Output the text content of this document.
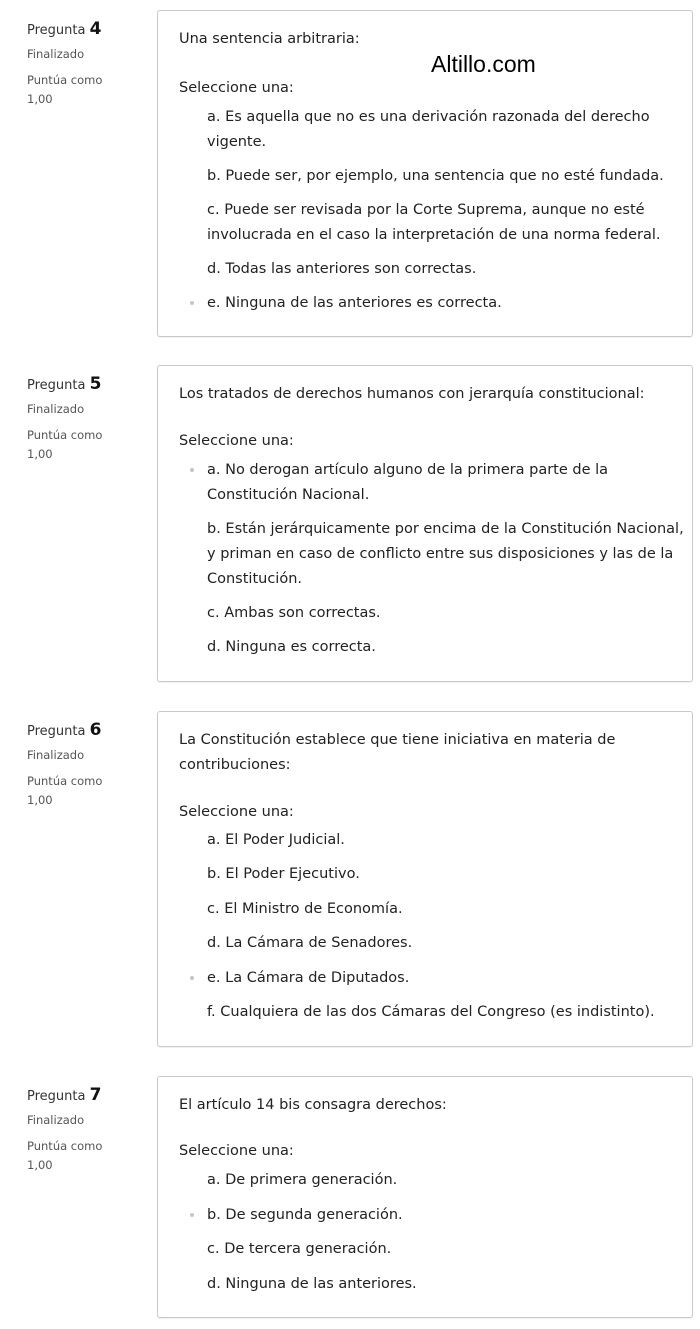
Pregunta 4
Finalizado
Puntúa como
1,00
Una sentencia arbitraria:
Seleccione una:
a. Es aquella que no es una derivación razonada del derecho vigente.
b. Puede ser, por ejemplo, una sentencia que no esté fundada.
c. Puede ser revisada por la Corte Suprema, aunque no esté involucrada en el caso la interpretación de una norma federal.
d. Todas las anteriores son correctas.
e. Ninguna de las anteriores es correcta.
Pregunta 5
Finalizado
Puntúa como
1,00
Los tratados de derechos humanos con jerarquía constitucional:
Seleccione una:
a. No derogan artículo alguno de la primera parte de la Constitución Nacional.
b. Están jerárquicamente por encima de la Constitución Nacional, y priman en caso de conflicto entre sus disposiciones y las de la Constitución.
c. Ambas son correctas.
d. Ninguna es correcta.
Pregunta 6
Finalizado
Puntúa como
1,00
La Constitución establece que tiene iniciativa en materia de contribuciones:
Seleccione una:
a. El Poder Judicial.
b. El Poder Ejecutivo.
c. El Ministro de Economía.
d. La Cámara de Senadores.
e. La Cámara de Diputados.
f. Cualquiera de las dos Cámaras del Congreso (es indistinto).
Pregunta 7
Finalizado
Puntúa como
1,00
El artículo 14 bis consagra derechos:
Seleccione una:
a. De primera generación.
b. De segunda generación.
c. De tercera generación.
d. Ninguna de las anteriores.
Altillo.com
